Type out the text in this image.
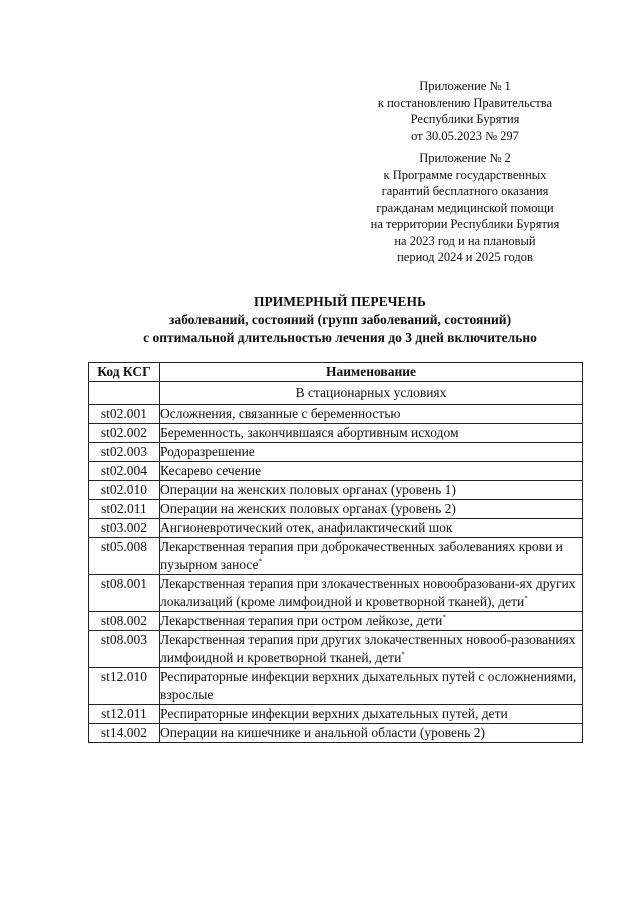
Приложение № 1
к постановлению Правительства
Республики Бурятия
от 30.05.2023 № 297
Приложение № 2
к Программе государственных
гарантий бесплатного оказания
гражданам медицинской помощи
на территории Республики Бурятия
на 2023 год и на плановый
период 2024 и 2025 годов
ПРИМЕРНЫЙ ПЕРЕЧЕНЬ
заболеваний, состояний (групп заболеваний, состояний)
с оптимальной длительностью лечения до 3 дней включительно
Код КСГ	Наименование
	В стационарных условиях
st02.001	Осложнения, связанные с беременностью
st02.002	Беременность, закончившаяся абортивным исходом
st02.003	Родоразрешение
st02.004	Кесарево сечение
st02.010	Операции на женских половых органах (уровень 1)
st02.011	Операции на женских половых органах (уровень 2)
st03.002	Ангионевротический отек, анафилактический шок
st05.008	Лекарственная терапия при доброкачественных заболеваниях крови и пузырном заносе*
st08.001	Лекарственная терапия при злокачественных новообразовани-ях других локализаций (кроме лимфоидной и кроветворной тканей), дети*
st08.002	Лекарственная терапия при остром лейкозе, дети*
st08.003	Лекарственная терапия при других злокачественных новооб-разованиях лимфоидной и кроветворной тканей, дети*
st12.010	Респираторные инфекции верхних дыхательных путей с осложнениями, взрослые
st12.011	Респираторные инфекции верхних дыхательных путей, дети
st14.002	Операции на кишечнике и анальной области (уровень 2)
